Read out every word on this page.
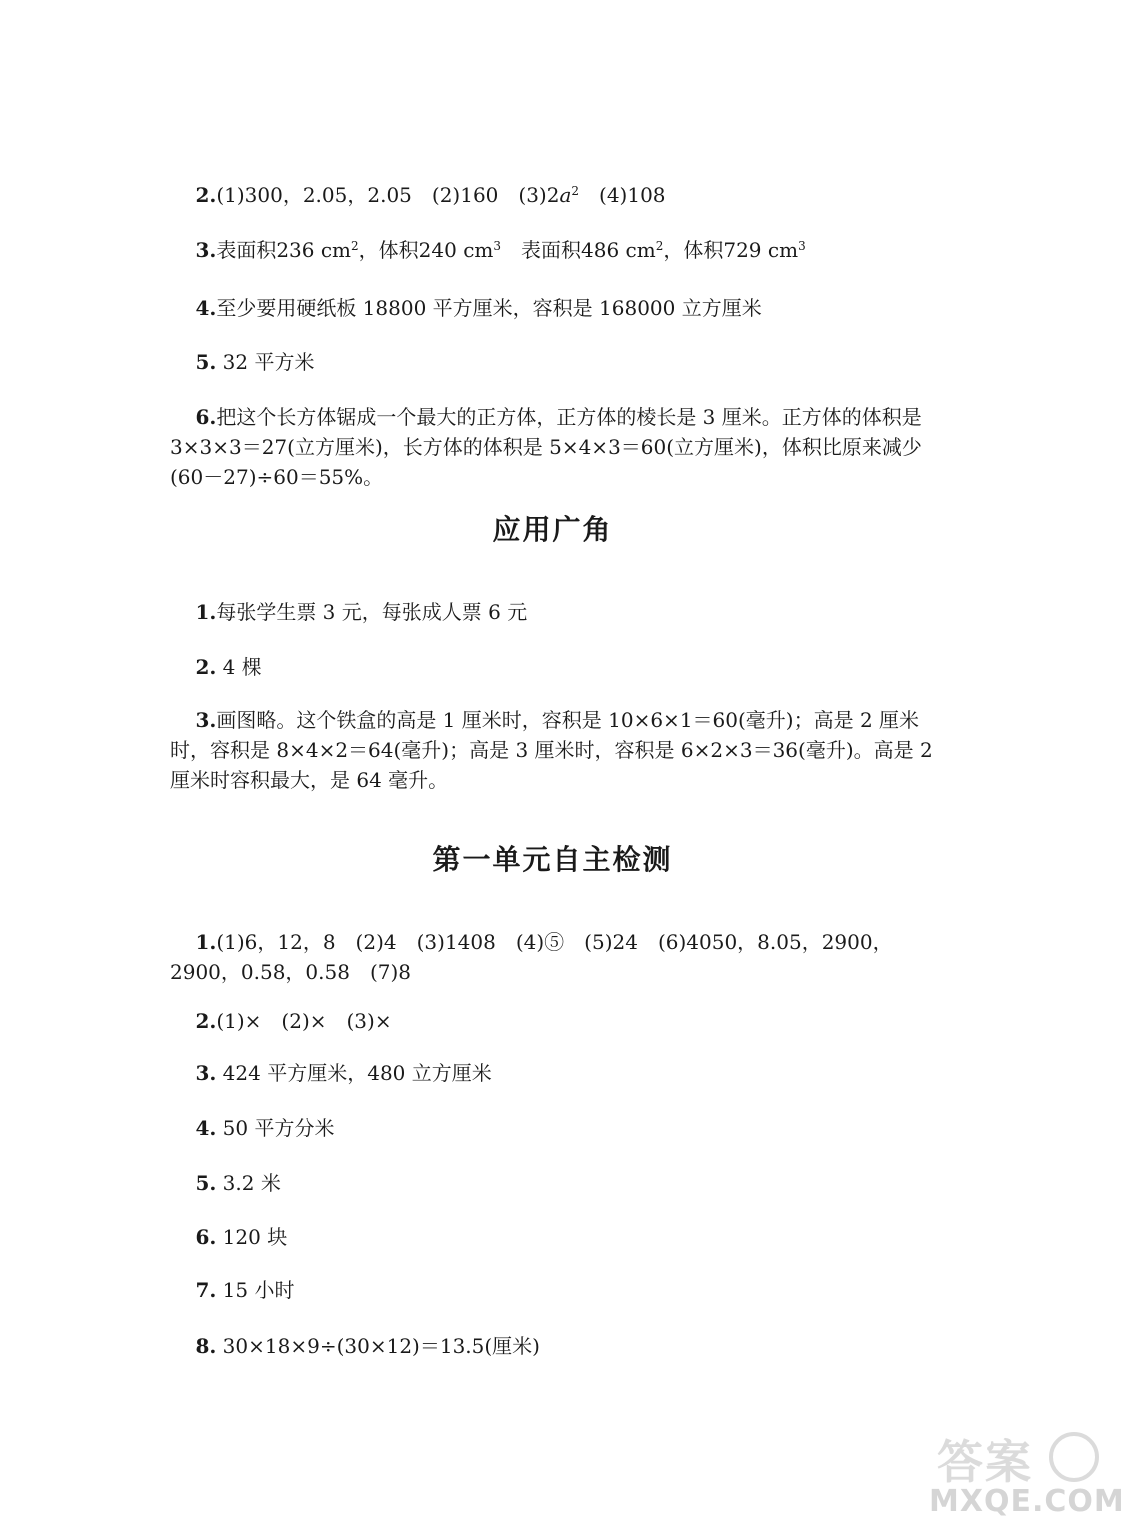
2.(1)300，2.05，2.05　(2)160　$(3)2a^2$　(4)108

3.表面积236 $cm^2$，体积240 $cm^3$　表面积486 $cm^2$，体积729 $cm^3$

4.至少要用硬纸板 18800 平方厘米，容积是 168000 立方厘米

5. 32 平方米

6.把这个长方体锯成一个最大的正方体，正方体的棱长是 3 厘米。正方体的体积是 3×3×3＝27(立方厘米)，长方体的体积是 5×4×3＝60(立方厘米)，体积比原来减少(60－27)÷60＝55%。

应用广角

1.每张学生票 3 元，每张成人票 6 元

2. 4 棵

3.画图略。这个铁盒的高是 1 厘米时，容积是 10×6×1＝60(毫升)；高是 2 厘米时，容积是 8×4×2＝64(毫升)；高是 3 厘米时，容积是 6×2×3＝36(毫升)。高是 2 厘米时容积最大，是 64 毫升。

第一单元自主检测

1.(1)6，12，8　(2)4　(3)1408　(4)⑤　(5)24　(6)4050，8.05，2900，2900，0.58，0.58　(7)8

2.(1)×　(2)×　(3)×

3. 424 平方厘米，480 立方厘米

4. 50 平方分米

5. 3.2 米

6. 120 块

7. 15 小时

8. 30×18×9÷(30×12)＝13.5(厘米)

答案
MXQE.COM
